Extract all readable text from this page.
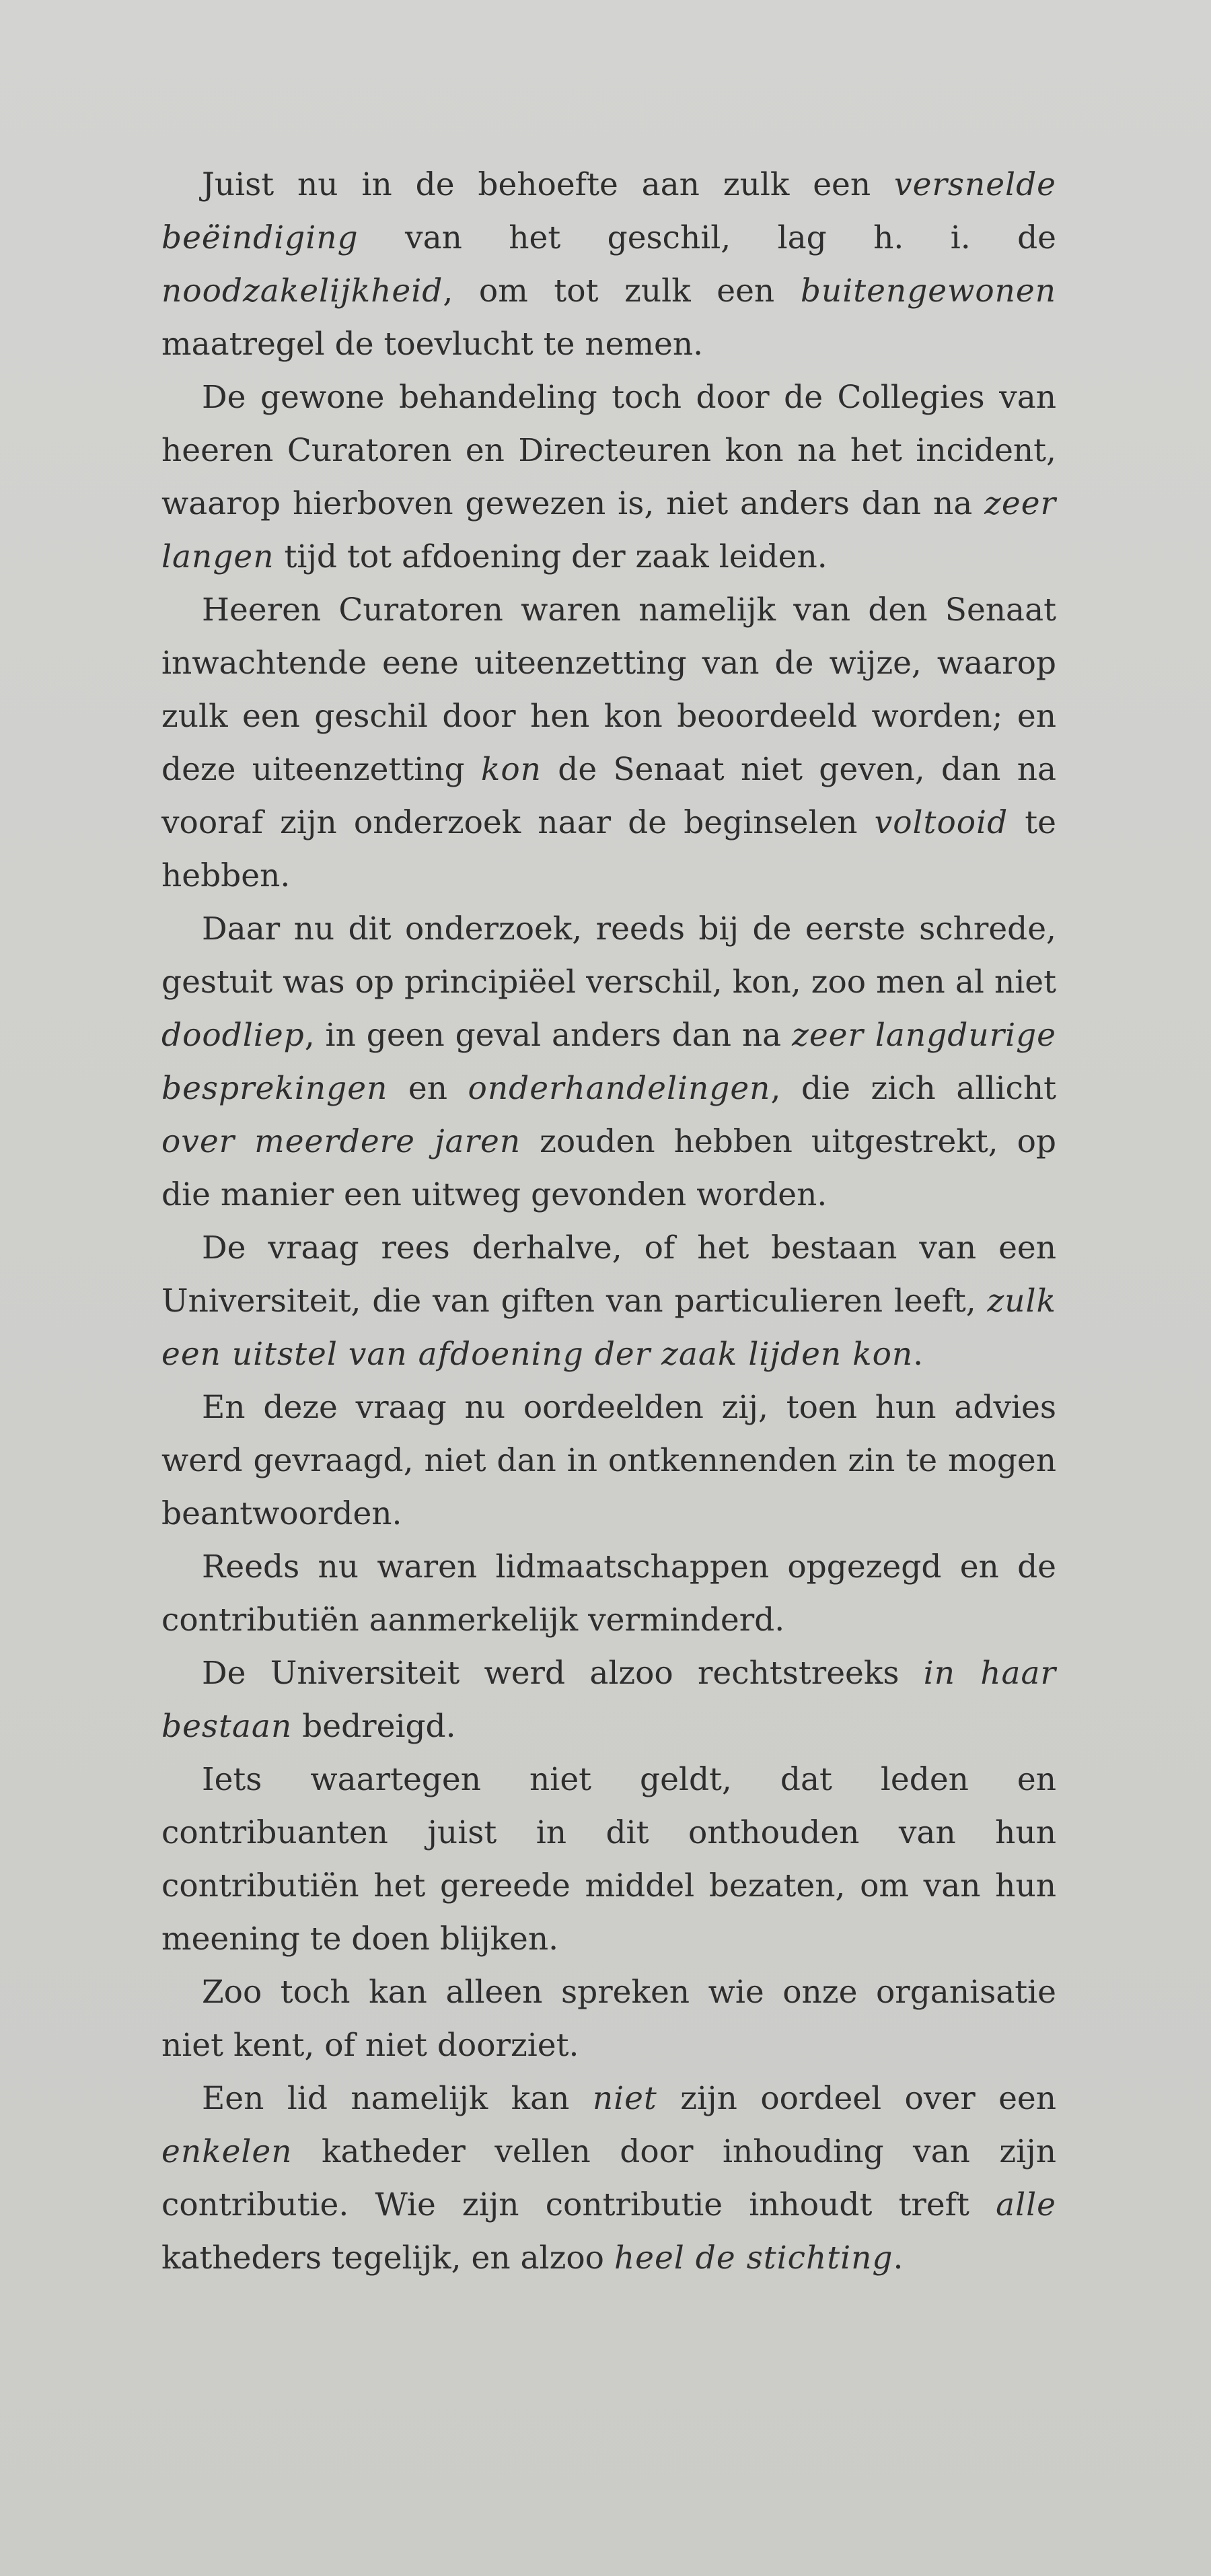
Juist nu in de behoefte aan zulk een versnelde beëindiging van het geschil, lag h. i. de noodzakelijkheid, om tot zulk een buitengewonen maatregel de toevlucht te nemen.

De gewone behandeling toch door de Collegies van heeren Curatoren en Directeuren kon na het incident, waarop hierboven gewezen is, niet anders dan na zeer langen tijd tot afdoening der zaak leiden.

Heeren Curatoren waren namelijk van den Senaat inwachtende eene uiteenzetting van de wijze, waarop zulk een geschil door hen kon beoordeeld worden; en deze uiteenzetting kon de Senaat niet geven, dan na vooraf zijn onderzoek naar de beginselen voltooid te hebben.

Daar nu dit onderzoek, reeds bij de eerste schrede, gestuit was op principiëel verschil, kon, zoo men al niet doodliep, in geen geval anders dan na zeer langdurige besprekingen en onderhandelingen, die zich allicht over meerdere jaren zouden hebben uitgestrekt, op die manier een uitweg gevonden worden.

De vraag rees derhalve, of het bestaan van een Universiteit, die van giften van particulieren leeft, zulk een uitstel van afdoening der zaak lijden kon.

En deze vraag nu oordeelden zij, toen hun advies werd gevraagd, niet dan in ontkennenden zin te mogen beantwoorden.

Reeds nu waren lidmaatschappen opgezegd en de contributiën aanmerkelijk verminderd.

De Universiteit werd alzoo rechtstreeks in haar bestaan bedreigd.

Iets waartegen niet geldt, dat leden en contribuanten juist in dit onthouden van hun contributiën het gereede middel bezaten, om van hun meening te doen blijken.

Zoo toch kan alleen spreken wie onze organisatie niet kent, of niet doorziet.

Een lid namelijk kan niet zijn oordeel over een enkelen katheder vellen door inhouding van zijn contributie. Wie zijn contributie inhoudt treft alle katheders tegelijk, en alzoo heel de stichting.
